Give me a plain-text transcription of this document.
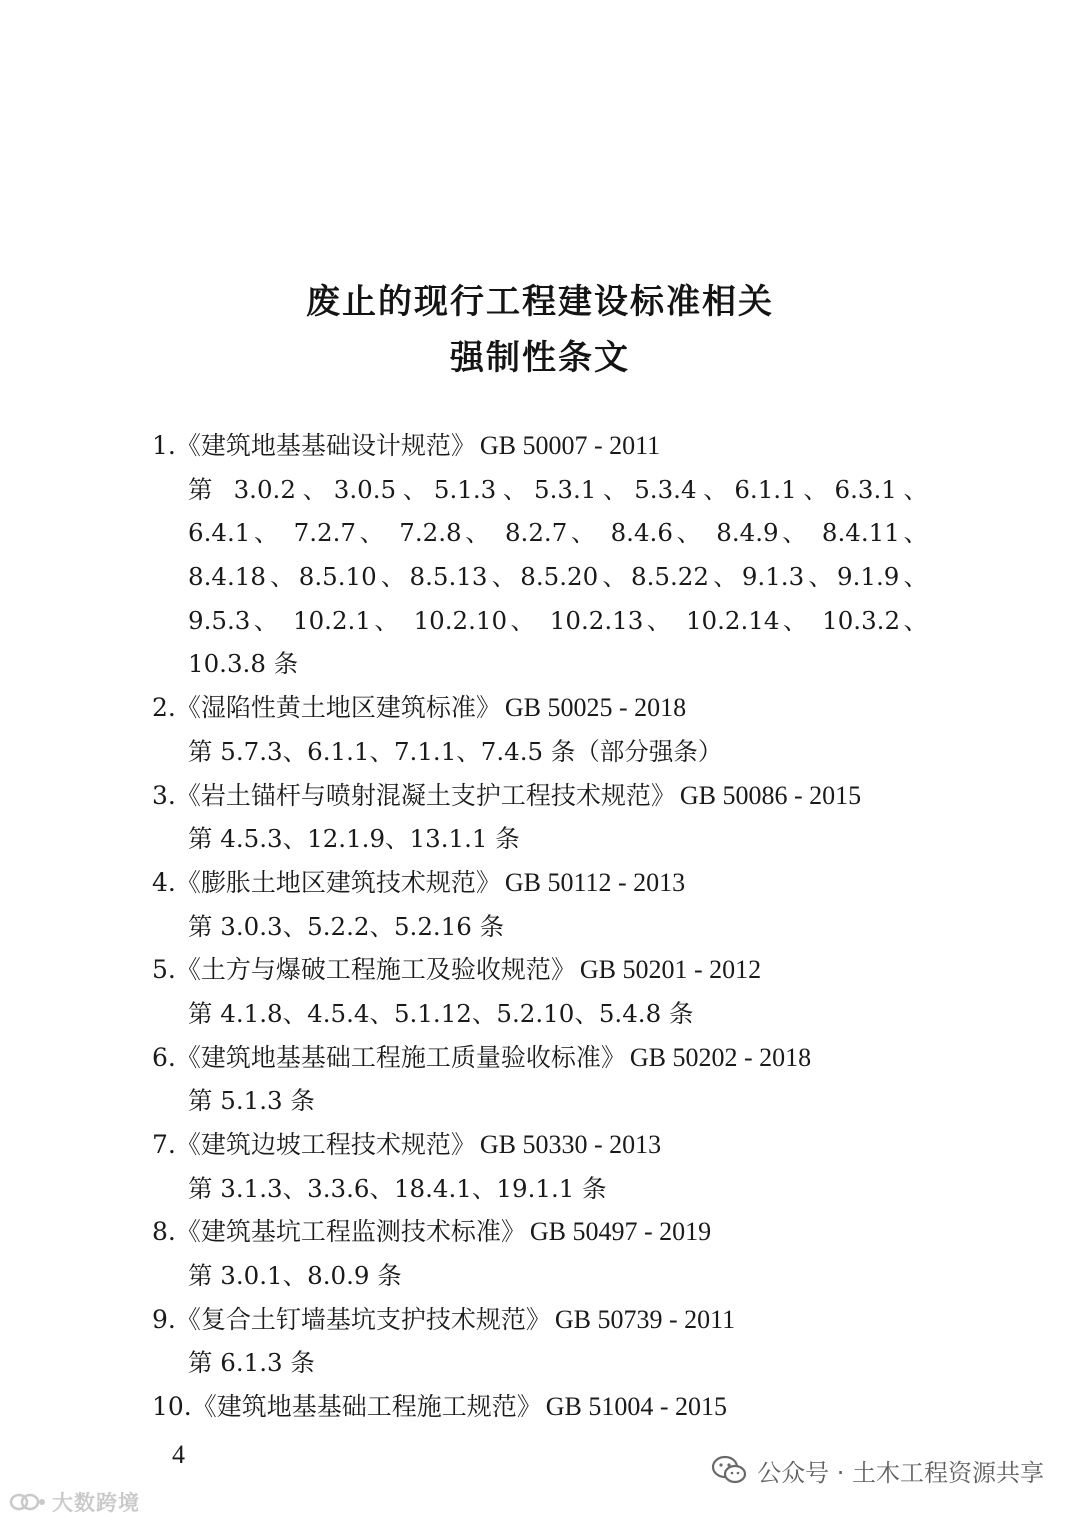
废止的现行工程建设标准相关
强制性条文
1.《建筑地基基础设计规范》 GB 50007 - 2011
第 3.0.2、3.0.5、5.1.3、5.3.1、5.3.4、6.1.1、6.3.1、
6.4.1、 7.2.7、 7.2.8、 8.2.7、 8.4.6、 8.4.9、 8.4.11、
8.4.18、8.5.10、8.5.13、8.5.20、8.5.22、9.1.3、9.1.9、
9.5.3、 10.2.1、 10.2.10、 10.2.13、 10.2.14、 10.3.2、
10.3.8 条
2.《湿陷性黄土地区建筑标准》 GB 50025 - 2018
第 5.7.3、6.1.1、7.1.1、7.4.5 条（部分强条）
3.《岩土锚杆与喷射混凝土支护工程技术规范》 GB 50086 - 2015
第 4.5.3、12.1.9、13.1.1 条
4.《膨胀土地区建筑技术规范》 GB 50112 - 2013
第 3.0.3、5.2.2、5.2.16 条
5.《土方与爆破工程施工及验收规范》 GB 50201 - 2012
第 4.1.8、4.5.4、5.1.12、5.2.10、5.4.8 条
6.《建筑地基基础工程施工质量验收标准》 GB 50202 - 2018
第 5.1.3 条
7.《建筑边坡工程技术规范》 GB 50330 - 2013
第 3.1.3、3.3.6、18.4.1、19.1.1 条
8.《建筑基坑工程监测技术标准》 GB 50497 - 2019
第 3.0.1、8.0.9 条
9.《复合土钉墙基坑支护技术规范》 GB 50739 - 2011
第 6.1.3 条
10.《建筑地基基础工程施工规范》 GB 51004 - 2015
4
公众号 · 土木工程资源共享
大数跨境
